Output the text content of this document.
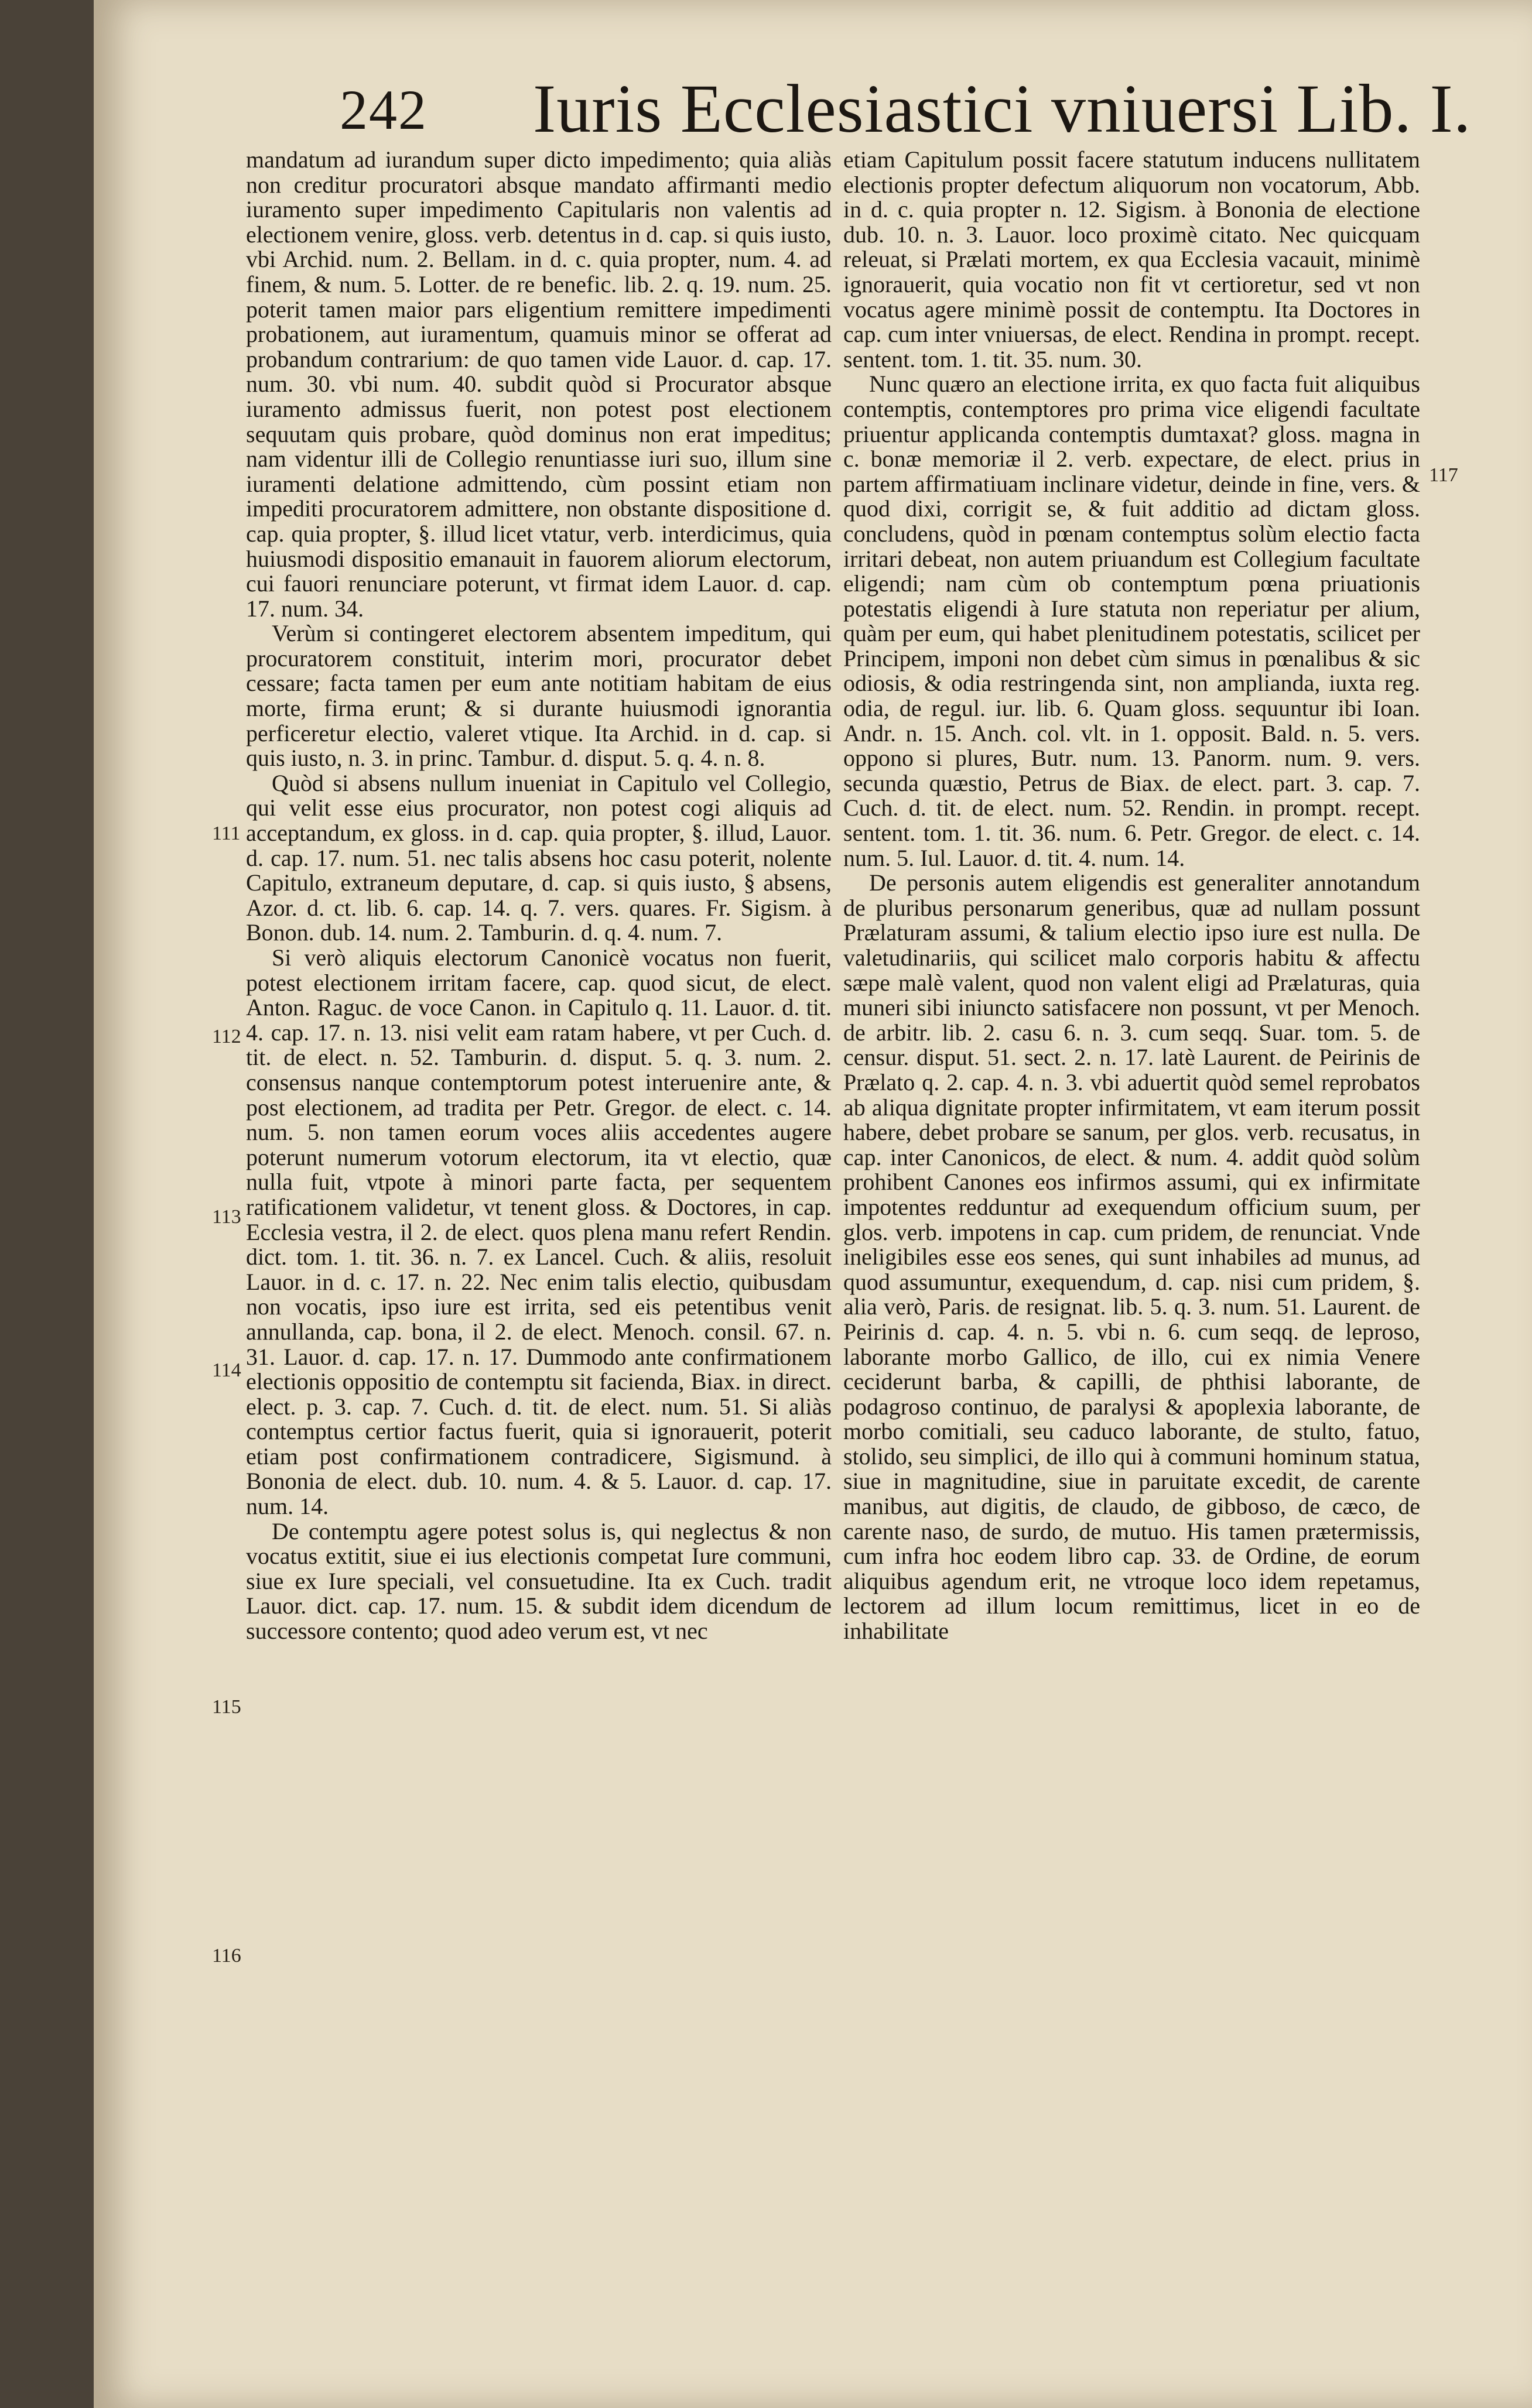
242 Iuris Ecclesiastici vniuersi Lib. I.

mandatum ad iurandum super dicto impedimento; quia aliàs non creditur procuratori absque mandato affirmanti medio iuramento super impedimento Capitularis non valentis ad electionem venire, gloss. verb. detentus in d. cap. si quis iusto, vbi Archid. num. 2. Bellam. in d. c. quia propter, num. 4. ad finem, & num. 5. Lotter. de re benefic. lib. 2. q. 19. num. 25. poterit tamen maior pars eligentium remittere impedimenti probationem, aut iuramentum, quamuis minor se offerat ad probandum contrarium: de quo tamen vide Lauor. d. cap. 17. num. 30. vbi num. 40. subdit quòd si Procurator absque iuramento admissus fuerit, non potest post electionem sequutam quis probare, quòd dominus non erat impeditus; nam videntur illi de Collegio renuntiasse iuri suo, illum sine iuramenti delatione admittendo, cùm possint etiam non impediti procuratorem admittere, non obstante dispositione d. cap. quia propter, §. illud licet vtatur, verb. interdicimus, quia huiusmodi dispositio emanauit in fauorem aliorum electorum, cui fauori renunciare poterunt, vt firmat idem Lauor. d. cap. 17. num. 34.

Verùm si contingeret electorem absentem impeditum, qui procuratorem constituit, interim mori, procurator debet cessare; facta tamen per eum ante notitiam habitam de eius morte, firma erunt; & si durante huiusmodi ignorantia perficeretur electio, valeret vtique. Ita Archid. in d. cap. si quis iusto, n. 3. in princ. Tambur. d. disput. 5. q. 4. n. 8.

Quòd si absens nullum inueniat in Capitulo vel Collegio, qui velit esse eius procurator, non potest cogi aliquis ad acceptandum, ex gloss. in d. cap. quia propter, §. illud, Lauor. d. cap. 17. num. 51. nec talis absens hoc casu poterit, nolente Capitulo, extraneum deputare, d. cap. si quis iusto, § absens, Azor. d. ct. lib. 6. cap. 14. q. 7. vers. quares. Fr. Sigism. à Bonon. dub. 14. num. 2. Tamburin. d. q. 4. num. 7.

Si verò aliquis electorum Canonicè vocatus non fuerit, potest electionem irritam facere, cap. quod sicut, de elect. Anton. Raguc. de voce Canon. in Capitulo q. 11. Lauor. d. tit. 4. cap. 17. n. 13. nisi velit eam ratam habere, vt per Cuch. d. tit. de elect. n. 52. Tamburin. d. disput. 5. q. 3. num. 2. consensus nanque contemptorum potest interuenire ante, & post electionem, ad tradita per Petr. Gregor. de elect. c. 14. num. 5. non tamen eorum voces aliis accedentes augere poterunt numerum votorum electorum, ita vt electio, quæ nulla fuit, vtpote à minori parte facta, per sequentem ratificationem validetur, vt tenent gloss. & Doctores, in cap. Ecclesia vestra, il 2. de elect. quos plena manu refert Rendin. dict. tom. 1. tit. 36. n. 7. ex Lancel. Cuch. & aliis, resoluit Lauor. in d. c. 17. n. 22. Nec enim talis electio, quibusdam non vocatis, ipso iure est irrita, sed eis petentibus venit annullanda, cap. bona, il 2. de elect. Menoch. consil. 67. n. 31. Lauor. d. cap. 17. n. 17. Dummodo ante confirmationem electionis oppositio de contemptu sit facienda, Biax. in direct. elect. p. 3. cap. 7. Cuch. d. tit. de elect. num. 51. Si aliàs contemptus certior factus fuerit, quia si ignorauerit, poterit etiam post confirmationem contradicere, Sigismund. à Bononia de elect. dub. 10. num. 4. & 5. Lauor. d. cap. 17. num. 14.

De contemptu agere potest solus is, qui neglectus & non vocatus extitit, siue ei ius electionis competat Iure communi, siue ex Iure speciali, vel consuetudine. Ita ex Cuch. tradit Lauor. dict. cap. 17. num. 15. & subdit idem dicendum de successore contento; quod adeo verum est, vt nec

etiam Capitulum possit facere statutum inducens nullitatem electionis propter defectum aliquorum non vocatorum, Abb. in d. c. quia propter n. 12. Sigism. à Bononia de electione dub. 10. n. 3. Lauor. loco proximè citato. Nec quicquam releuat, si Prælati mortem, ex qua Ecclesia vacauit, minimè ignorauerit, quia vocatio non fit vt certioretur, sed vt non vocatus agere minimè possit de contemptu. Ita Doctores in cap. cum inter vniuersas, de elect. Rendina in prompt. recept. sentent. tom. 1. tit. 35. num. 30.

Nunc quæro an electione irrita, ex quo facta fuit aliquibus contemptis, contemptores pro prima vice eligendi facultate priuentur applicanda contemptis dumtaxat? gloss. magna in c. bonæ memoriæ il 2. verb. expectare, de elect. prius in partem affirmatiuam inclinare videtur, deinde in fine, vers. & quod dixi, corrigit se, & fuit additio ad dictam gloss. concludens, quòd in pœnam contemptus solùm electio facta irritari debeat, non autem priuandum est Collegium facultate eligendi; nam cùm ob contemptum pœna priuationis potestatis eligendi à Iure statuta non reperiatur per alium, quàm per eum, qui habet plenitudinem potestatis, scilicet per Principem, imponi non debet cùm simus in pœnalibus & sic odiosis, & odia restringenda sint, non amplianda, iuxta reg. odia, de regul. iur. lib. 6. Quam gloss. sequuntur ibi Ioan. Andr. n. 15. Anch. col. vlt. in 1. opposit. Bald. n. 5. vers. oppono si plures, Butr. num. 13. Panorm. num. 9. vers. secunda quæstio, Petrus de Biax. de elect. part. 3. cap. 7. Cuch. d. tit. de elect. num. 52. Rendin. in prompt. recept. sentent. tom. 1. tit. 36. num. 6. Petr. Gregor. de elect. c. 14. num. 5. Iul. Lauor. d. tit. 4. num. 14.

De personis autem eligendis est generaliter annotandum de pluribus personarum generibus, quæ ad nullam possunt Prælaturam assumi, & talium electio ipso iure est nulla. De valetudinariis, qui scilicet malo corporis habitu & affectu sæpe malè valent, quod non valent eligi ad Prælaturas, quia muneri sibi iniuncto satisfacere non possunt, vt per Menoch. de arbitr. lib. 2. casu 6. n. 3. cum seqq. Suar. tom. 5. de censur. disput. 51. sect. 2. n. 17. latè Laurent. de Peirinis de Prælato q. 2. cap. 4. n. 3. vbi aduertit quòd semel reprobatos ab aliqua dignitate propter infirmitatem, vt eam iterum possit habere, debet probare se sanum, per glos. verb. recusatus, in cap. inter Canonicos, de elect. & num. 4. addit quòd solùm prohibent Canones eos infirmos assumi, qui ex infirmitate impotentes redduntur ad exequendum officium suum, per glos. verb. impotens in cap. cum pridem, de renunciat. Vnde ineligibiles esse eos senes, qui sunt inhabiles ad munus, ad quod assumuntur, exequendum, d. cap. nisi cum pridem, §. alia verò, Paris. de resignat. lib. 5. q. 3. num. 51. Laurent. de Peirinis d. cap. 4. n. 5. vbi n. 6. cum seqq. de leproso, laborante morbo Gallico, de illo, cui ex nimia Venere ceciderunt barba, & capilli, de phthisi laborante, de podagroso continuo, de paralysi & apoplexia laborante, de morbo comitiali, seu caduco laborante, de stulto, fatuo, stolido, seu simplici, de illo qui à communi hominum statua, siue in magnitudine, siue in paruitate excedit, de carente manibus, aut digitis, de claudo, de gibboso, de cæco, de carente naso, de surdo, de mutuo. His tamen prætermissis, cum infra hoc eodem libro cap. 33. de Ordine, de eorum aliquibus agendum erit, ne vtroque loco idem repetamus, lectorem ad illum locum remittimus, licet in eo de inhabilitate

111
112
113
114
115
116
117
